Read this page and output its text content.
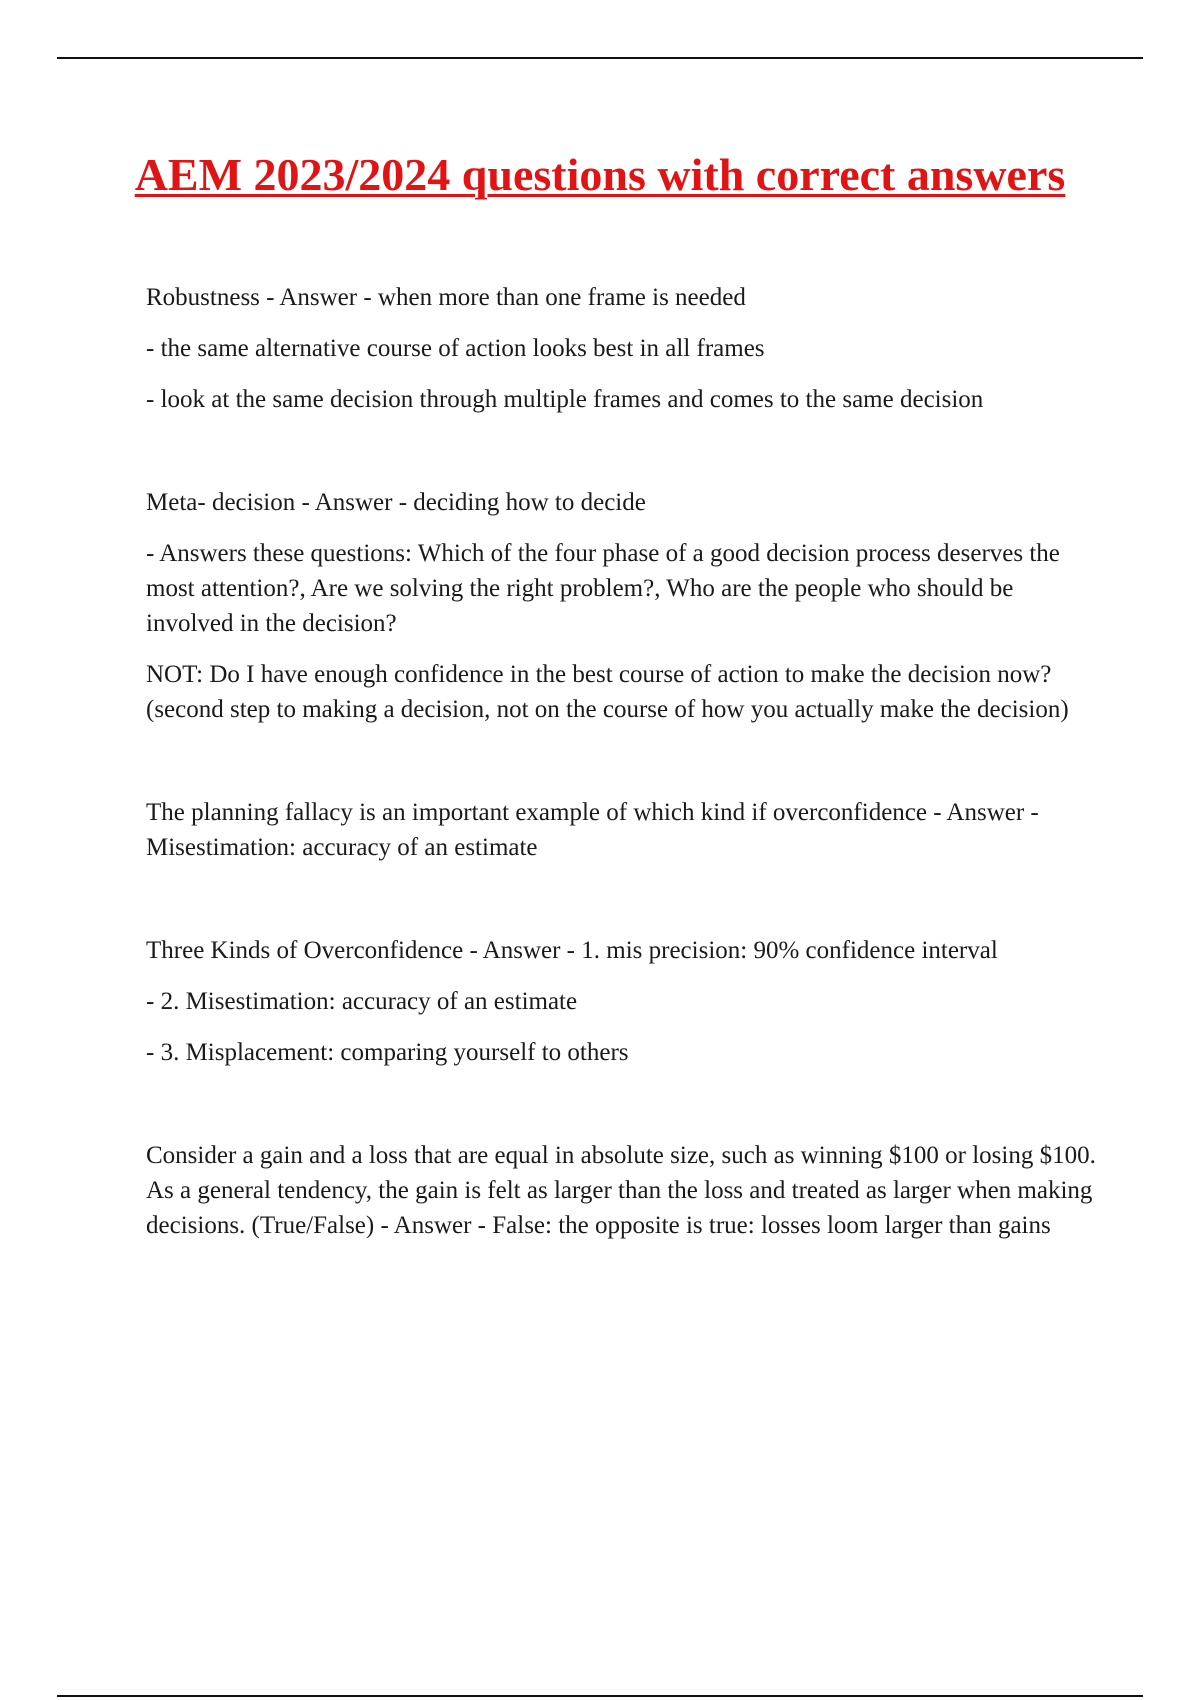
AEM 2023/2024 questions with correct answers

Robustness - Answer - when more than one frame is needed

- the same alternative course of action looks best in all frames

- look at the same decision through multiple frames and comes to the same decision

Meta- decision - Answer - deciding how to decide

- Answers these questions: Which of the four phase of a good decision process deserves the most attention?, Are we solving the right problem?, Who are the people who should be involved in the decision?

NOT: Do I have enough confidence in the best course of action to make the decision now?(second step to making a decision, not on the course of how you actually make the decision)

The planning fallacy is an important example of which kind if overconfidence - Answer - Misestimation: accuracy of an estimate

Three Kinds of Overconfidence - Answer - 1. mis precision: 90% confidence interval

- 2. Misestimation: accuracy of an estimate

- 3. Misplacement: comparing yourself to others

Consider a gain and a loss that are equal in absolute size, such as winning $100 or losing $100. As a general tendency, the gain is felt as larger than the loss and treated as larger when making decisions. (True/False) - Answer - False: the opposite is true: losses loom larger than gains
